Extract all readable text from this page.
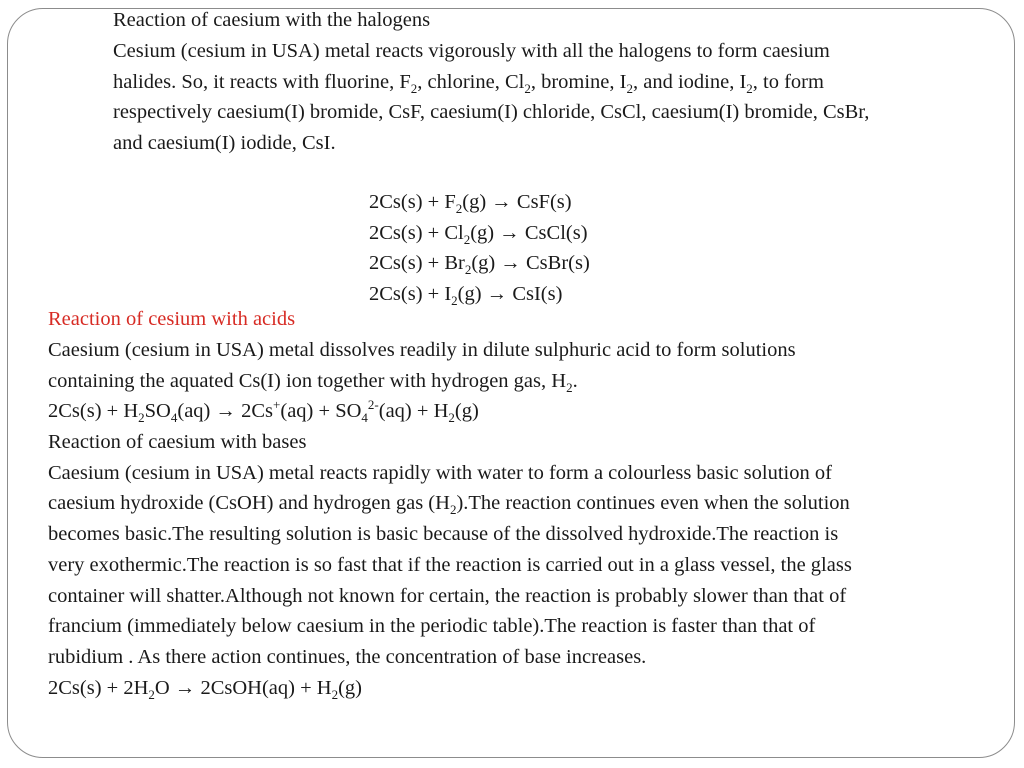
Reaction of caesium with the halogens
Cesium (cesium in USA) metal reacts vigorously with all the halogens to form caesium
halides. So, it reacts with fluorine, $F_2$, chlorine, $Cl_2$, bromine, $I_2$, and iodine, $I_2$, to form
respectively caesium(I) bromide, CsF, caesium(I) chloride, CsCl, caesium(I) bromide, CsBr,
and caesium(I) iodide, CsI.
$2Cs(s) + F_2(g) \to CsF(s)$
$2Cs(s) + Cl_2(g)$ → CsCl(s)
$2Cs(s) + Br_2(g)$ → CsBr(s)
$2Cs(s) + I_2(g) \to CsI(s)$
Reaction of cesium with acids
Caesium (cesium in USA) metal dissolves readily in dilute sulphuric acid to form solutions
containing the aquated Cs(I) ion together with hydrogen gas, $H_2$.
$2Cs(s) + H_2SO_4(aq) \to 2Cs^+(aq) + SO_4^{2-}(aq) + H_2(g)$
Reaction of caesium with bases
Caesium (cesium in USA) metal reacts rapidly with water to form a colourless basic solution of
caesium hydroxide (CsOH) and hydrogen gas $(H_2).The$ reaction continues even when the solution
becomes basic.The resulting solution is basic because of the dissolved hydroxide.The reaction is
very exothermic.The reaction is so fast that if the reaction is carried out in a glass vessel, the glass
container will shatter.Although not known for certain, the reaction is probably slower than that of
francium (immediately below caesium in the periodic table).The reaction is faster than that of
rubidium . As there action continues, the concentration of base increases.
$2Cs(s) + 2H_2O$ → 2CsOH(aq) + $H_2(g)$
